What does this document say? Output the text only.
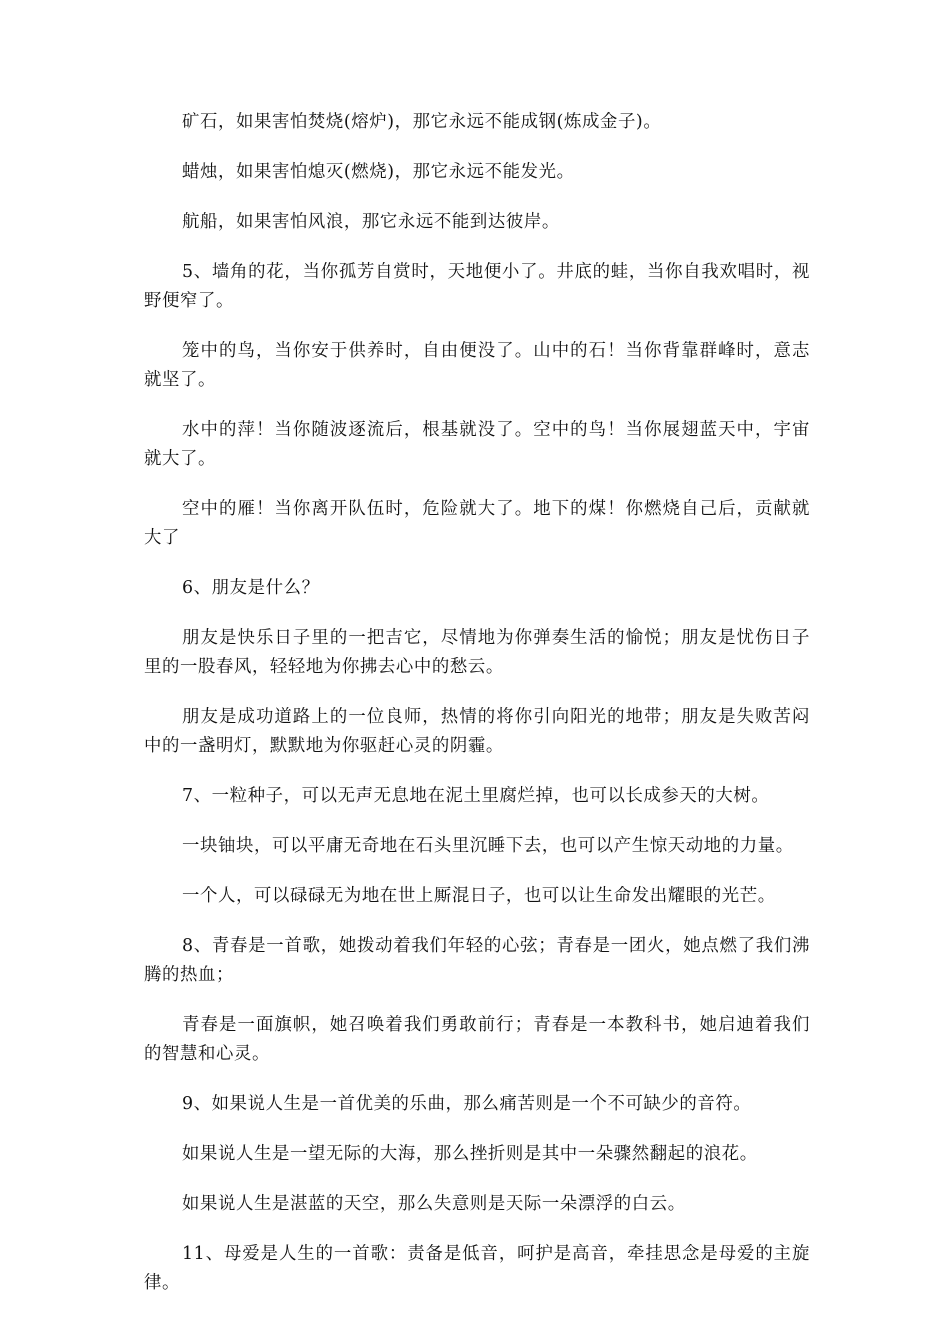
矿石，如果害怕焚烧(熔炉)，那它永远不能成钢(炼成金子)。

蜡烛，如果害怕熄灭(燃烧)，那它永远不能发光。

航船，如果害怕风浪，那它永远不能到达彼岸。

5、墙角的花，当你孤芳自赏时，天地便小了。井底的蛙，当你自我欢唱时，视野便窄了。

笼中的鸟，当你安于供养时，自由便没了。山中的石！当你背靠群峰时，意志就坚了。

水中的萍！当你随波逐流后，根基就没了。空中的鸟！当你展翅蓝天中，宇宙就大了。

空中的雁！当你离开队伍时，危险就大了。地下的煤！你燃烧自己后，贡献就大了

6、朋友是什么？

朋友是快乐日子里的一把吉它，尽情地为你弹奏生活的愉悦；朋友是忧伤日子里的一股春风，轻轻地为你拂去心中的愁云。

朋友是成功道路上的一位良师，热情的将你引向阳光的地带；朋友是失败苦闷中的一盏明灯，默默地为你驱赶心灵的阴霾。

7、一粒种子，可以无声无息地在泥土里腐烂掉，也可以长成参天的大树。

一块铀块，可以平庸无奇地在石头里沉睡下去，也可以产生惊天动地的力量。

一个人，可以碌碌无为地在世上厮混日子，也可以让生命发出耀眼的光芒。

8、青春是一首歌，她拨动着我们年轻的心弦；青春是一团火，她点燃了我们沸腾的热血；

青春是一面旗帜，她召唤着我们勇敢前行；青春是一本教科书，她启迪着我们的智慧和心灵。

9、如果说人生是一首优美的乐曲，那么痛苦则是一个不可缺少的音符。

如果说人生是一望无际的大海，那么挫折则是其中一朵骤然翻起的浪花。

如果说人生是湛蓝的天空，那么失意则是天际一朵漂浮的白云。

11、母爱是人生的一首歌：责备是低音，呵护是高音，牵挂思念是母爱的主旋律。
